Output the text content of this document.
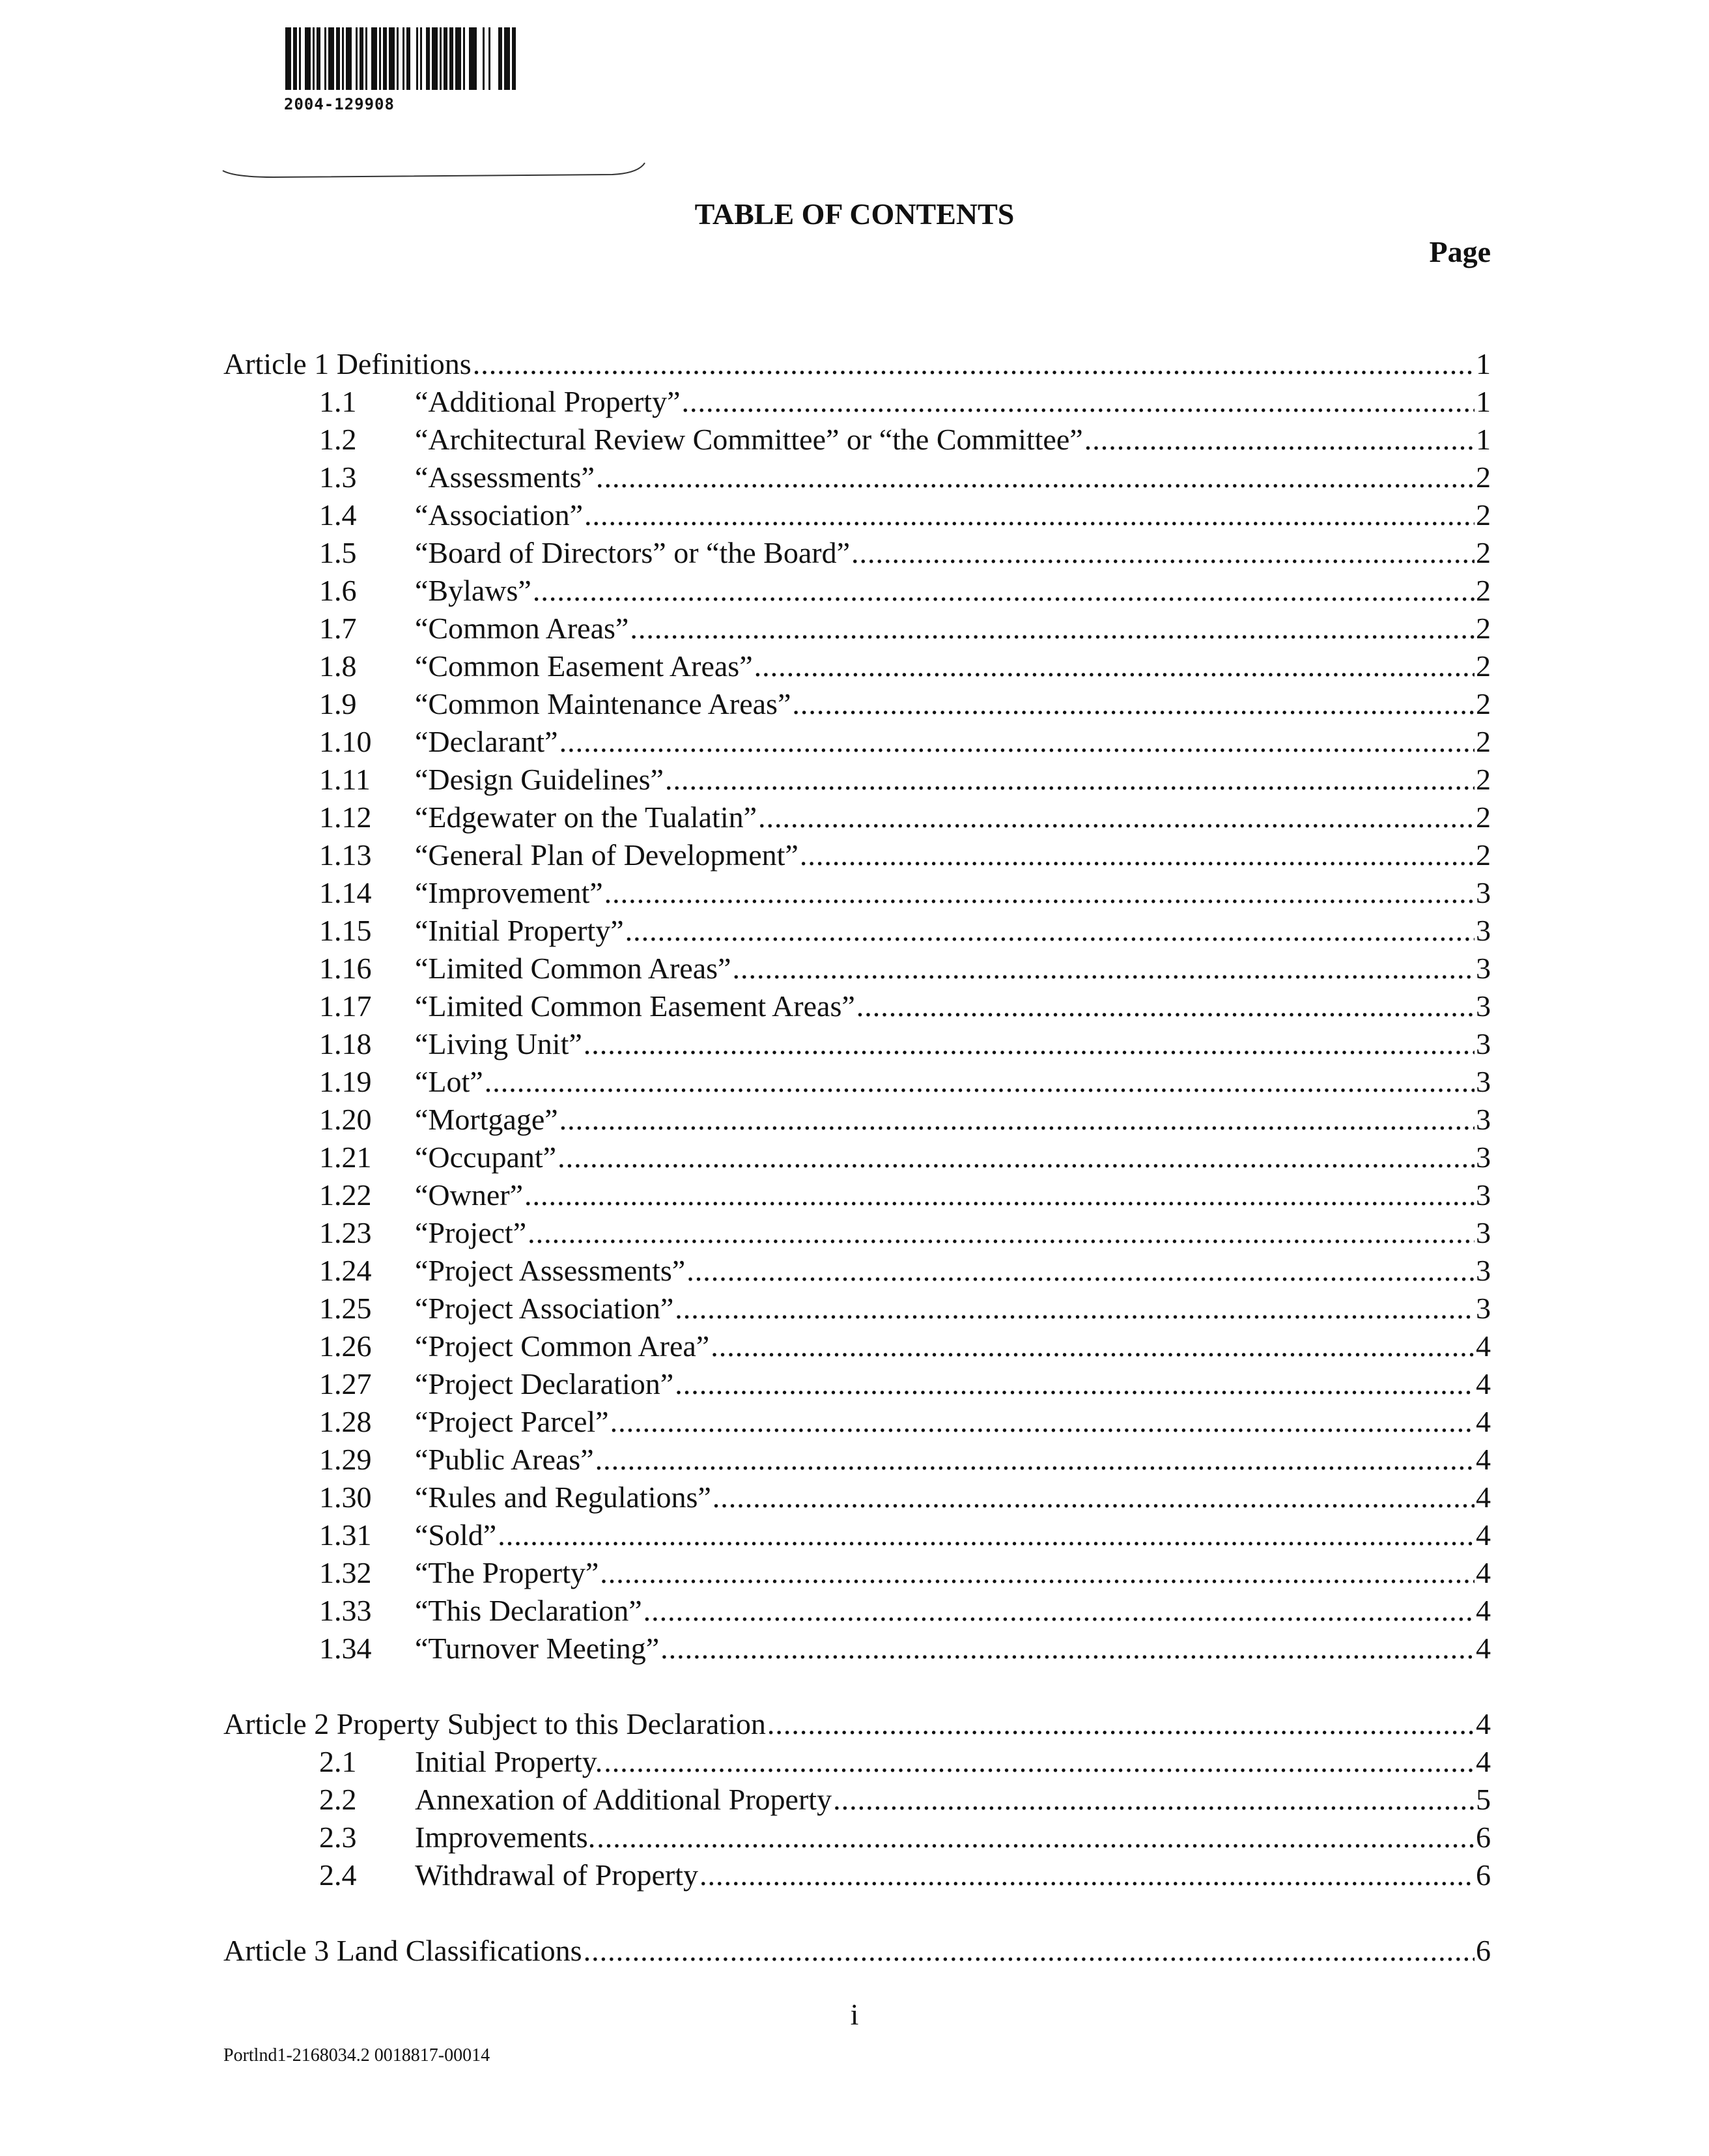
2004-129908
TABLE OF CONTENTS
Page
Article 1 Definitions .....	1
1.1	“Additional Property” .....	1
1.2	“Architectural Review Committee” or “the Committee” .....	1
1.3	“Assessments” .....	2
1.4	“Association” .....	2
1.5	“Board of Directors” or “the Board” .....	2
1.6	“Bylaws” .....	2
1.7	“Common Areas” .....	2
1.8	“Common Easement Areas” .....	2
1.9	“Common Maintenance Areas” .....	2
1.10	“Declarant” .....	2
1.11	“Design Guidelines” .....	2
1.12	“Edgewater on the Tualatin” .....	2
1.13	“General Plan of Development” .....	2
1.14	“Improvement” .....	3
1.15	“Initial Property” .....	3
1.16	“Limited Common Areas” .....	3
1.17	“Limited Common Easement Areas” .....	3
1.18	“Living Unit” .....	3
1.19	“Lot” .....	3
1.20	“Mortgage” .....	3
1.21	“Occupant” .....	3
1.22	“Owner” .....	3
1.23	“Project” .....	3
1.24	“Project Assessments” .....	3
1.25	“Project Association” .....	3
1.26	“Project Common Area” .....	4
1.27	“Project Declaration” .....	4
1.28	“Project Parcel” .....	4
1.29	“Public Areas” .....	4
1.30	“Rules and Regulations” .....	4
1.31	“Sold” .....	4
1.32	“The Property” .....	4
1.33	“This Declaration” .....	4
1.34	“Turnover Meeting” .....	4
Article 2 Property Subject to this Declaration .....	4
2.1	Initial Property. .....	4
2.2	Annexation of Additional Property .....	5
2.3	Improvements. .....	6
2.4	Withdrawal of Property .....	6
Article 3 Land Classifications .....	6
i
Portlnd1-2168034.2 0018817-00014
